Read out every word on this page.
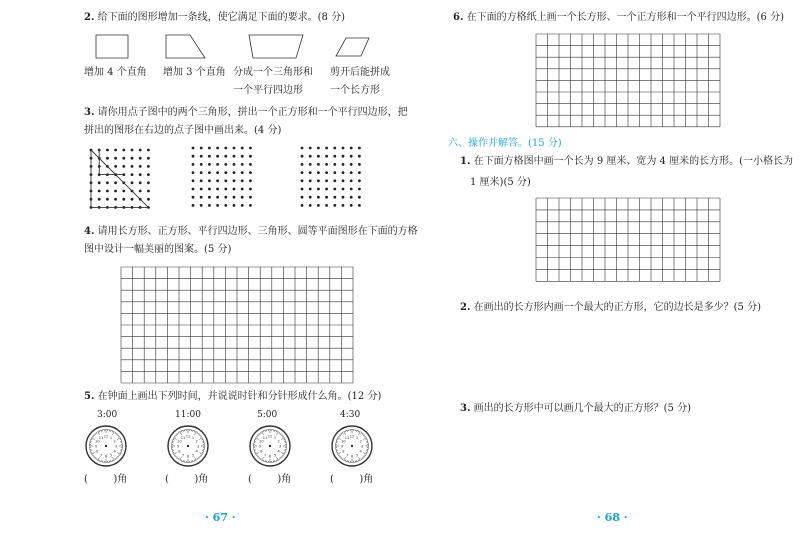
2. 给下面的图形增加一条线，使它满足下面的要求。(8 分)
增加 4 个直角 增加 3 个直角 分成一个三角形和
一个平行四边形
剪开后能拼成
一个长方形
3. 请你用点子图中的两个三角形，拼出一个正方形和一个平行四边形，把
拼出的图形在右边的点子图中画出来。(4 分)
4. 请用长方形、正方形、平行四边形、三角形、圆等平面图形在下面的方格
图中设计一幅美丽的图案。(5 分)
5. 在钟面上画出下列时间，并说说时针和分针形成什么角。(12 分)
3:00	11:00	5:00	4:30
1
2
3
4
5
6
7
8
9
10
11 12	1
2
3
4
5
6
7
8
9
10
11 12	1
2
3
4
5
6
7
8
9
10
11 12	1
2
3
4
5
6
7
8
9
10
11 12
(	)角	(	)角	(	)角	(	)角
· 67 ·
6. 在下面的方格纸上画一个长方形、一个正方形和一个平行四边形。(6 分)
六、操作并解答。(15 分)
1. 在下面方格图中画一个长为 9 厘米、宽为 4 厘米的长方形。(一小格长为
1 厘米)(5 分)
2. 在画出的长方形内画一个最大的正方形，它的边长是多少？(5 分)
3. 画出的长方形中可以画几个最大的正方形？(5 分)
· 68 ·
